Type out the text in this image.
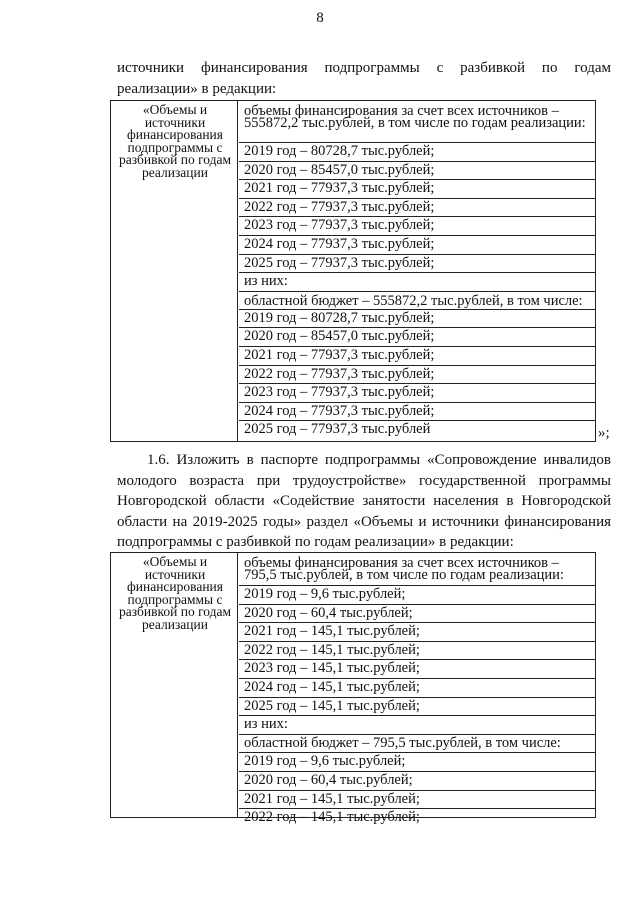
8
источники финансирования подпрограммы с разбивкой по годам
реализации» в редакции:
«Объемы и источники финансирования подпрограммы с разбивкой по годам реализации
объемы финансирования за счет всех источников – 555872,2 тыс.рублей, в том числе по годам реализации:
2019 год – 80728,7 тыс.рублей;
2020 год – 85457,0 тыс.рублей;
2021 год – 77937,3 тыс.рублей;
2022 год – 77937,3 тыс.рублей;
2023 год – 77937,3 тыс.рублей;
2024 год – 77937,3 тыс.рублей;
2025 год – 77937,3 тыс.рублей;
из них:
областной бюджет – 555872,2 тыс.рублей, в том числе:
2019 год – 80728,7 тыс.рублей;
2020 год – 85457,0 тыс.рублей;
2021 год – 77937,3 тыс.рублей;
2022 год – 77937,3 тыс.рублей;
2023 год – 77937,3 тыс.рублей;
2024 год – 77937,3 тыс.рублей;
2025 год – 77937,3 тыс.рублей	»;
1.6. Изложить в паспорте подпрограммы «Сопровождение инвалидов
молодого возраста при трудоустройстве» государственной программы
Новгородской области «Содействие занятости населения в Новгородской
области на 2019-2025 годы» раздел «Объемы и источники финансирования
подпрограммы с разбивкой по годам реализации» в редакции:
«Объемы и источники финансирования подпрограммы с разбивкой по годам реализации
объемы финансирования за счет всех источников – 795,5 тыс.рублей, в том числе по годам реализации:
2019 год – 9,6 тыс.рублей;
2020 год – 60,4 тыс.рублей;
2021 год – 145,1 тыс.рублей;
2022 год – 145,1 тыс.рублей;
2023 год – 145,1 тыс.рублей;
2024 год – 145,1 тыс.рублей;
2025 год – 145,1 тыс.рублей;
из них:
областной бюджет – 795,5 тыс.рублей, в том числе:
2019 год – 9,6 тыс.рублей;
2020 год – 60,4 тыс.рублей;
2021 год – 145,1 тыс.рублей;
2022 год – 145,1 тыс.рублей;
